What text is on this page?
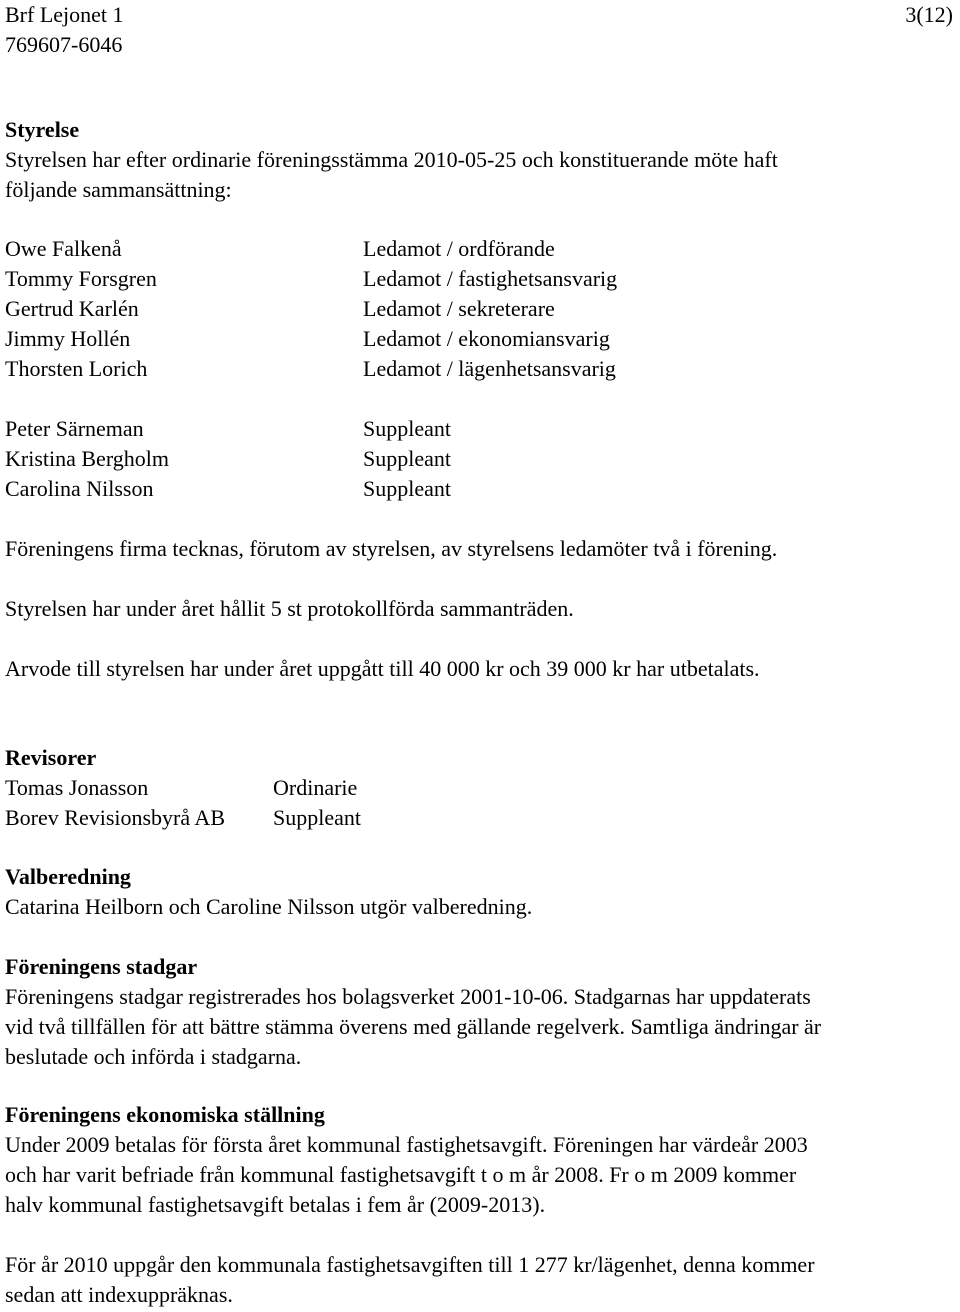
Brf Lejonet 1
769607-6046
3(12)
Styrelse
Styrelsen har efter ordinarie föreningsstämma 2010-05-25 och konstituerande möte haft
följande sammansättning:
Owe Falkenå	Ledamot / ordförande
Tommy Forsgren	Ledamot / fastighetsansvarig
Gertrud Karlén	Ledamot / sekreterare
Jimmy Hollén	Ledamot / ekonomiansvarig
Thorsten Lorich	Ledamot / lägenhetsansvarig
Peter Särneman	Suppleant
Kristina Bergholm	Suppleant
Carolina Nilsson	Suppleant
Föreningens firma tecknas, förutom av styrelsen, av styrelsens ledamöter två i förening.
Styrelsen har under året hållit 5 st protokollförda sammanträden.
Arvode till styrelsen har under året uppgått till 40 000 kr och 39 000 kr har utbetalats.
Revisorer
Tomas Jonasson	Ordinarie
Borev Revisionsbyrå AB Suppleant
Valberedning
Catarina Heilborn och Caroline Nilsson utgör valberedning.
Föreningens stadgar
Föreningens stadgar registrerades hos bolagsverket 2001-10-06. Stadgarnas har uppdaterats
vid två tillfällen för att bättre stämma överens med gällande regelverk. Samtliga ändringar är
beslutade och införda i stadgarna.
Föreningens ekonomiska ställning
Under 2009 betalas för första året kommunal fastighetsavgift. Föreningen har värdeår 2003
och har varit befriade från kommunal fastighetsavgift t o m år 2008. Fr o m 2009 kommer
halv kommunal fastighetsavgift betalas i fem år (2009-2013).
För år 2010 uppgår den kommunala fastighetsavgiften till 1 277 kr/lägenhet, denna kommer
sedan att indexuppräknas.
